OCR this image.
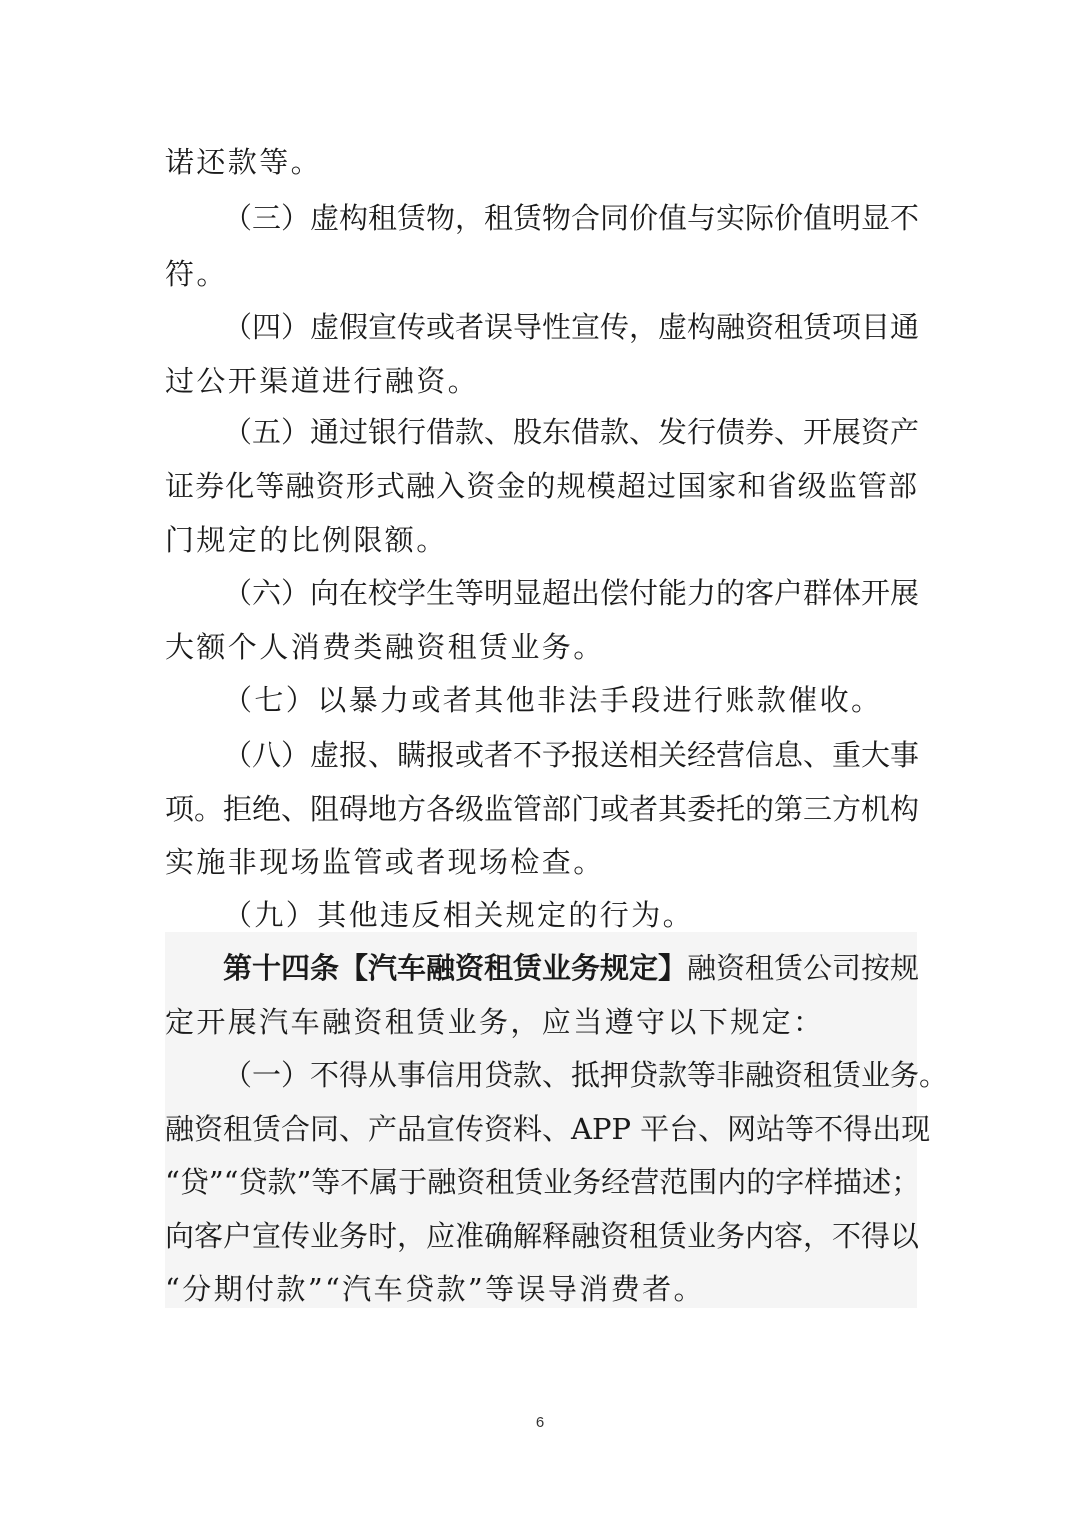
诺还款等。
（三）虚构租赁物，租赁物合同价值与实际价值明显不
符。
（四）虚假宣传或者误导性宣传，虚构融资租赁项目通
过公开渠道进行融资。
（五）通过银行借款、股东借款、发行债券、开展资产
证券化等融资形式融入资金的规模超过国家和省级监管部
门规定的比例限额。
（六）向在校学生等明显超出偿付能力的客户群体开展
大额个人消费类融资租赁业务。
（七）以暴力或者其他非法手段进行账款催收。
（八）虚报、瞒报或者不予报送相关经营信息、重大事
项。拒绝、阻碍地方各级监管部门或者其委托的第三方机构
实施非现场监管或者现场检查。
（九）其他违反相关规定的行为。
第十四条【汽车融资租赁业务规定】融资租赁公司按规
定开展汽车融资租赁业务，应当遵守以下规定：
（一）不得从事信用贷款、抵押贷款等非融资租赁业务。
融资租赁合同、产品宣传资料、APP 平台、网站等不得出现
“贷”“贷款”等不属于融资租赁业务经营范围内的字样描述；
向客户宣传业务时，应准确解释融资租赁业务内容，不得以
“分期付款”“汽车贷款”等误导消费者。
6
